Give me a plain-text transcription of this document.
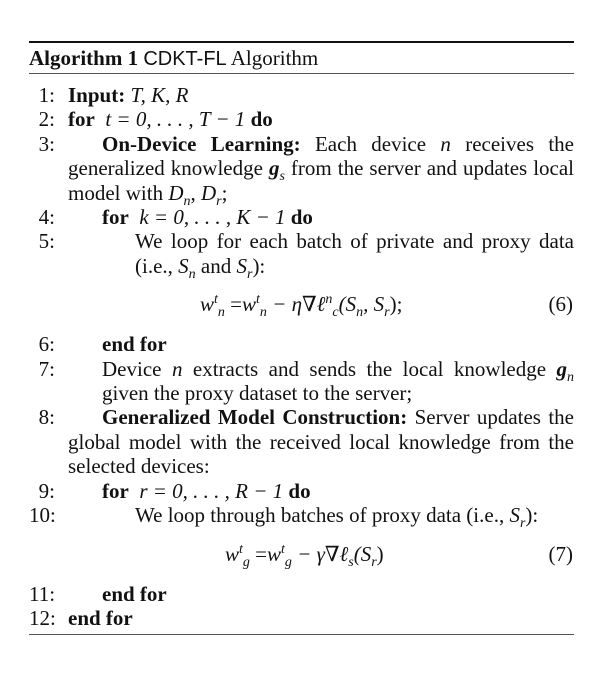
Algorithm 1 CDKT-FL Algorithm
1: Input: T, K, R
2: for t = 0, . . . , T − 1 do
3:	On-Device Learning: Each device n receives the generalized knowledge $g_s$ from the server and updates local model with $D_n$, $D_r$;
4:	for k = 0, . . . , K − 1 do
5:	We loop for each batch of private and proxy data (i.e., $S_n$ and $S_r$):
$w^t_n =w^t_n$ − $\eta\nabla\ell^n_c(S_n$, $S_r$);	(6)
6:	end for
7:	Device n extracts and sends the local knowledge $g_n$ given the proxy dataset to the server;
8:	Generalized Model Construction: Server updates the global model with the received local knowledge from the selected devices:
9:	for r = 0, . . . , R − 1 do
10:	We loop through batches of proxy data (i.e., $S_r$):
$w^t_g =w^t_g$ − $\gamma\nabla\ell_s(S_r)$	(7)
11:	end for
12: end for
